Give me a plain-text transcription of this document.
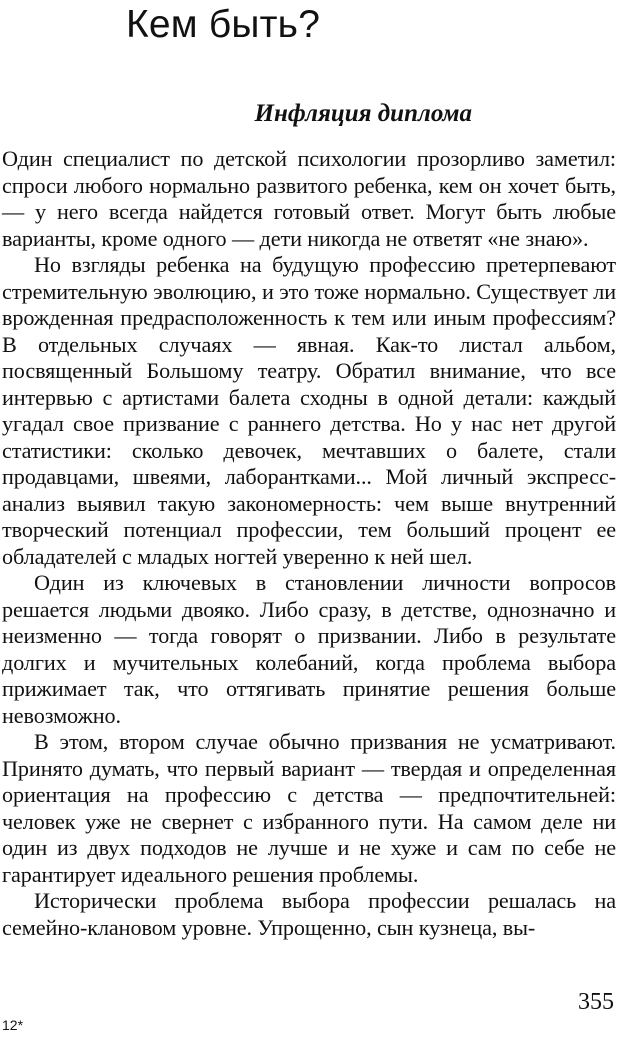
Кем быть?
Инфляция диплома

Один специалист по детской психологии прозорливо заметил: спроси любого нормально развитого ребенка, кем он хочет быть, — у него всегда найдется готовый ответ. Могут быть любые варианты, кроме одного — дети никогда не ответят «не знаю».

Но взгляды ребенка на будущую профессию претерпевают стремительную эволюцию, и это тоже нормально. Существует ли врожденная предрасположенность к тем или иным профессиям? В отдельных случаях — явная. Как-то листал альбом, посвященный Большому театру. Обратил внимание, что все интервью с артистами балета сходны в одной детали: каждый угадал свое призвание с раннего детства. Но у нас нет другой статистики: сколько девочек, мечтавших о балете, стали продавцами, швеями, лаборантками... Мой личный экспресс-анализ выявил такую закономерность: чем выше внутренний творческий потенциал профессии, тем больший процент ее обладателей с младых ногтей уверенно к ней шел.

Один из ключевых в становлении личности вопросов решается людьми двояко. Либо сразу, в детстве, однозначно и неизменно — тогда говорят о призвании. Либо в результате долгих и мучительных колебаний, когда проблема выбора прижимает так, что оттягивать принятие решения больше невозможно.

В этом, втором случае обычно призвания не усматривают. Принято думать, что первый вариант — твердая и определенная ориентация на профессию с детства — предпочтительней: человек уже не свернет с избранного пути. На самом деле ни один из двух подходов не лучше и не хуже и сам по себе не гарантирует идеального решения проблемы.

Исторически проблема выбора профессии решалась на семейно-клановом уровне. Упрощенно, сын кузнеца, вы-

355

12*
